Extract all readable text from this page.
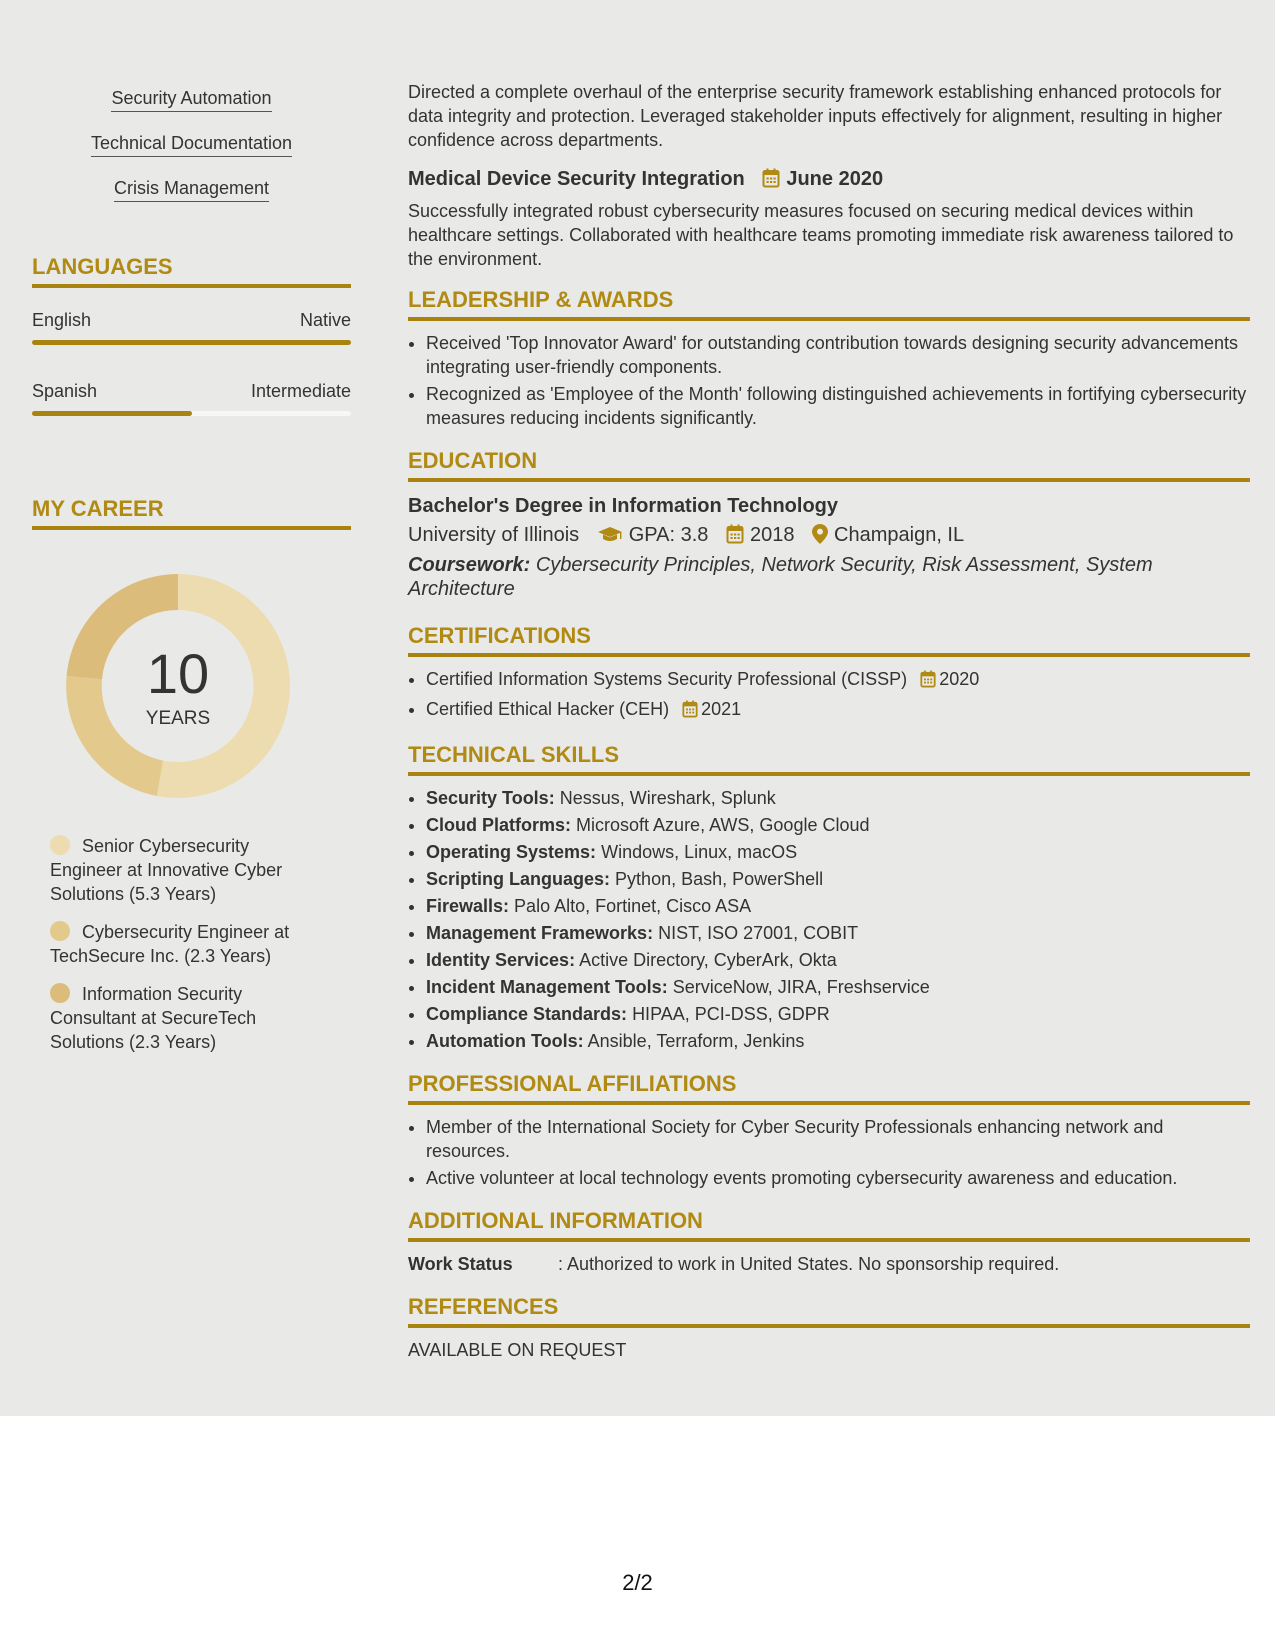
Security Automation
Technical Documentation
Crisis Management
LANGUAGES
English	Native
Spanish	Intermediate
MY CAREER
10
YEARS
Senior Cybersecurity Engineer at Innovative Cyber Solutions (5.3 Years)
Cybersecurity Engineer at TechSecure Inc. (2.3 Years)
Information Security Consultant at SecureTech Solutions (2.3 Years)
Directed a complete overhaul of the enterprise security framework establishing enhanced protocols for data integrity and protection. Leveraged stakeholder inputs effectively for alignment, resulting in higher confidence across departments.
Medical Device Security Integration June 2020
Successfully integrated robust cybersecurity measures focused on securing medical devices within healthcare settings. Collaborated with healthcare teams promoting immediate risk awareness tailored to the environment.
LEADERSHIP & AWARDS
• Received 'Top Innovator Award' for outstanding contribution towards designing security advancements integrating user-friendly components.
• Recognized as 'Employee of the Month' following distinguished achievements in fortifying cybersecurity measures reducing incidents significantly.
EDUCATION
Bachelor's Degree in Information Technology
University of Illinois GPA: 3.8 2018 Champaign, IL
Coursework: Cybersecurity Principles, Network Security, Risk Assessment, System Architecture
CERTIFICATIONS
• Certified Information Systems Security Professional (CISSP) 2020
• Certified Ethical Hacker (CEH) 2021
TECHNICAL SKILLS
• Security Tools: Nessus, Wireshark, Splunk
• Cloud Platforms: Microsoft Azure, AWS, Google Cloud
• Operating Systems: Windows, Linux, macOS
• Scripting Languages: Python, Bash, PowerShell
• Firewalls: Palo Alto, Fortinet, Cisco ASA
• Management Frameworks: NIST, ISO 27001, COBIT
• Identity Services: Active Directory, CyberArk, Okta
• Incident Management Tools: ServiceNow, JIRA, Freshservice
• Compliance Standards: HIPAA, PCI-DSS, GDPR
• Automation Tools: Ansible, Terraform, Jenkins
PROFESSIONAL AFFILIATIONS
• Member of the International Society for Cyber Security Professionals enhancing network and resources.
• Active volunteer at local technology events promoting cybersecurity awareness and education.
ADDITIONAL INFORMATION
Work Status	: Authorized to work in United States. No sponsorship required.
REFERENCES
AVAILABLE ON REQUEST
2/2
